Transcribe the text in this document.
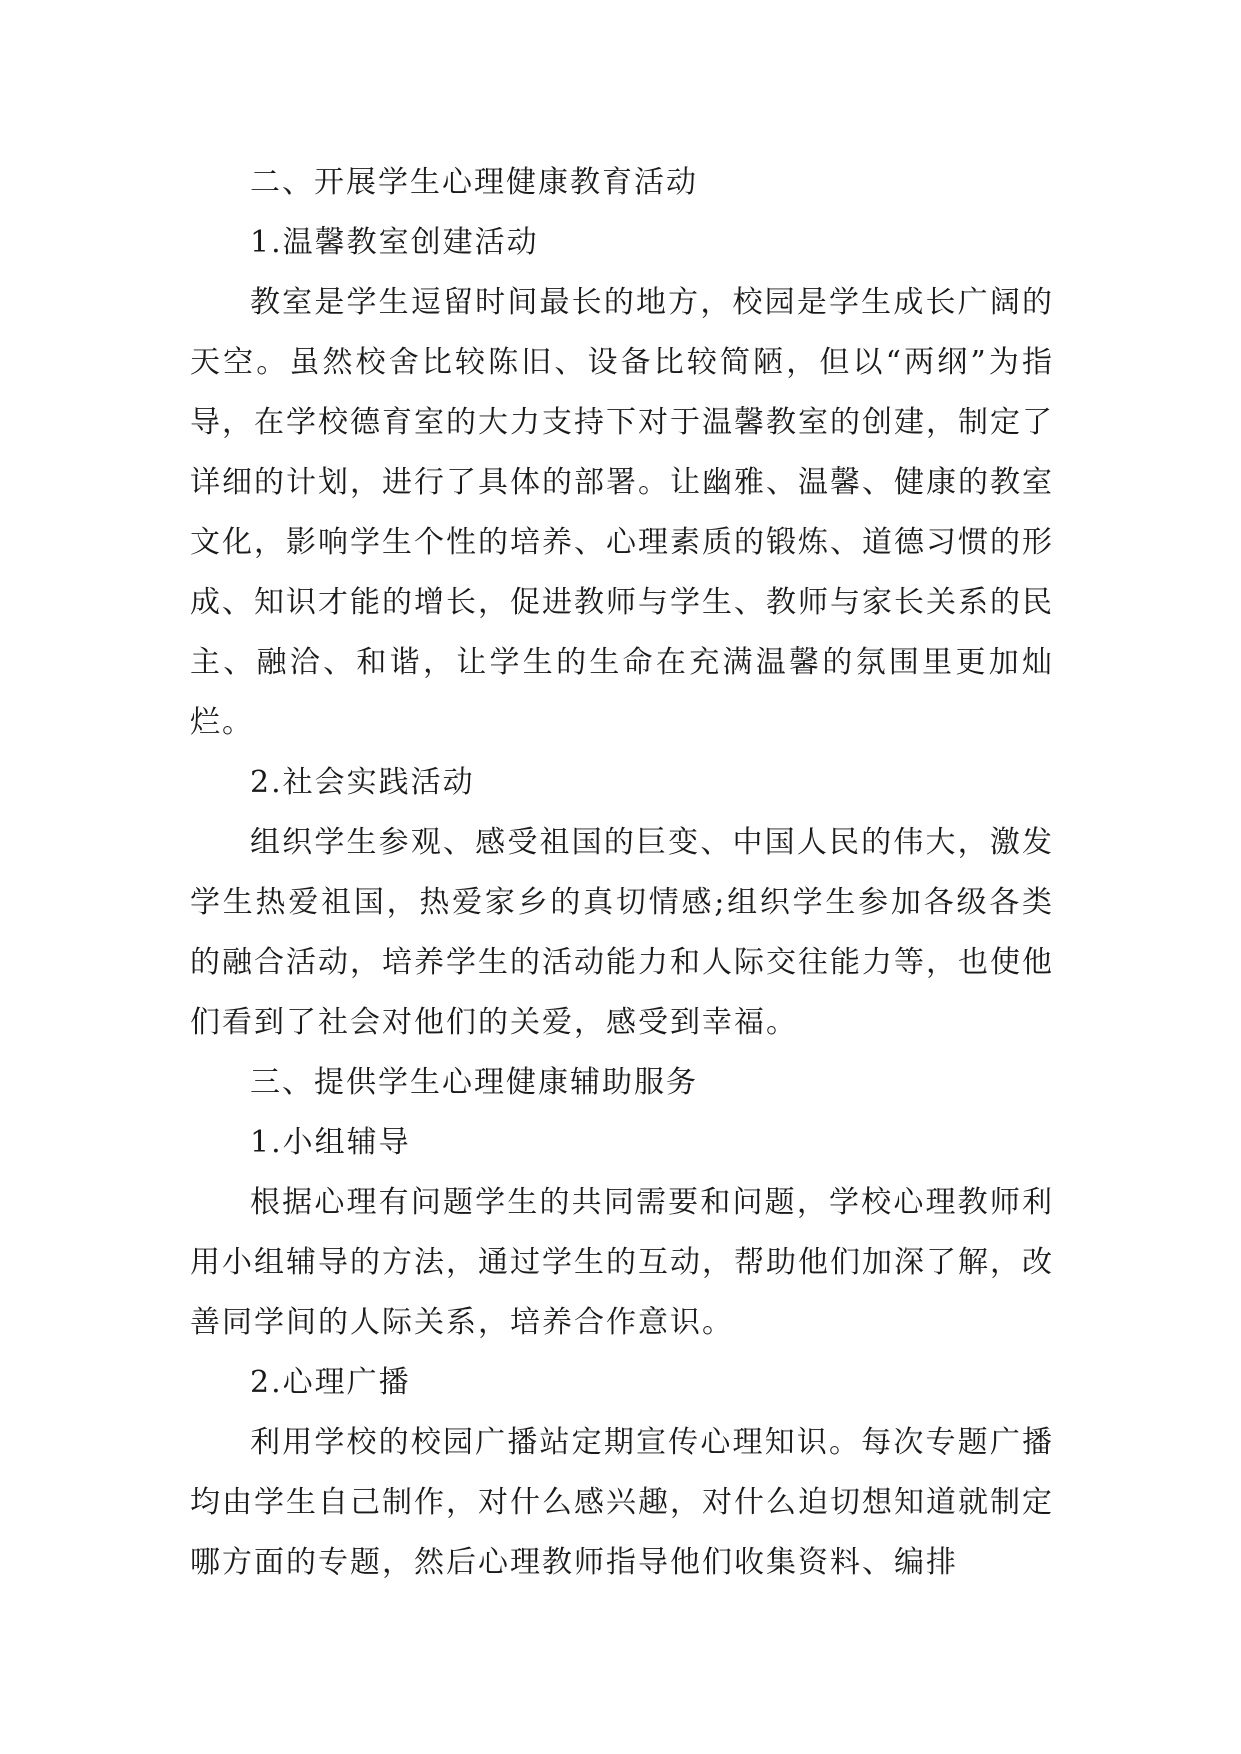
二、开展学生心理健康教育活动

1.温馨教室创建活动

教室是学生逗留时间最长的地方，校园是学生成长广阔的天空。虽然校舍比较陈旧、设备比较简陋，但以“两纲”为指导，在学校德育室的大力支持下对于温馨教室的创建，制定了详细的计划，进行了具体的部署。让幽雅、温馨、健康的教室文化，影响学生个性的培养、心理素质的锻炼、道德习惯的形成、知识才能的增长，促进教师与学生、教师与家长关系的民主、融洽、和谐，让学生的生命在充满温馨的氛围里更加灿烂。

2.社会实践活动

组织学生参观、感受祖国的巨变、中国人民的伟大，激发学生热爱祖国，热爱家乡的真切情感;组织学生参加各级各类的融合活动，培养学生的活动能力和人际交往能力等，也使他们看到了社会对他们的关爱，感受到幸福。

三、提供学生心理健康辅助服务

1.小组辅导

根据心理有问题学生的共同需要和问题，学校心理教师利用小组辅导的方法，通过学生的互动，帮助他们加深了解，改善同学间的人际关系，培养合作意识。

2.心理广播

利用学校的校园广播站定期宣传心理知识。每次专题广播均由学生自己制作，对什么感兴趣，对什么迫切想知道就制定哪方面的专题，然后心理教师指导他们收集资料、编排
